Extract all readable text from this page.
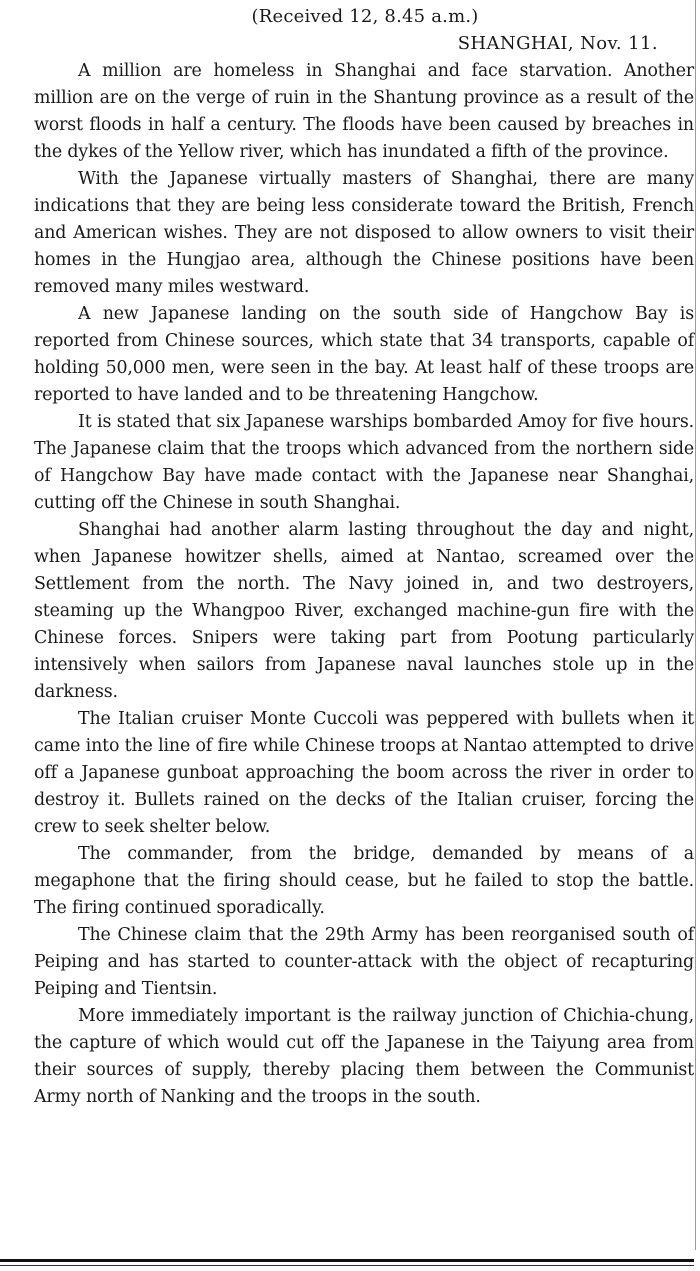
(Received 12, 8.45 a.m.)
SHANGHAI, Nov. 11.

A million are homeless in Shanghai and face starvation. Another million are on the verge of ruin in the Shantung province as a result of the worst floods in half a century. The floods have been caused by breaches in the dykes of the Yellow river, which has inundated a fifth of the province.

With the Japanese virtually masters of Shanghai, there are many indications that they are being less considerate toward the British, French and American wishes. They are not disposed to allow owners to visit their homes in the Hungjao area, although the Chinese positions have been removed many miles westward.

A new Japanese landing on the south side of Hangchow Bay is reported from Chinese sources, which state that 34 transports, capable of holding 50,000 men, were seen in the bay. At least half of these troops are reported to have landed and to be threatening Hangchow.

It is stated that six Japanese warships bombarded Amoy for five hours. The Japanese claim that the troops which advanced from the northern side of Hangchow Bay have made contact with the Japanese near Shanghai, cutting off the Chinese in south Shanghai.

Shanghai had another alarm lasting throughout the day and night, when Japanese howitzer shells, aimed at Nantao, screamed over the Settlement from the north. The Navy joined in, and two destroyers, steaming up the Whangpoo River, exchanged machine-gun fire with the Chinese forces. Snipers were taking part from Pootung particularly intensively when sailors from Japanese naval launches stole up in the darkness.

The Italian cruiser Monte Cuccoli was peppered with bullets when it came into the line of fire while Chinese troops at Nantao attempted to drive off a Japanese gunboat approaching the boom across the river in order to destroy it. Bullets rained on the decks of the Italian cruiser, forcing the crew to seek shelter below.

The commander, from the bridge, demanded by means of a megaphone that the firing should cease, but he failed to stop the battle. The firing continued sporadically.

The Chinese claim that the 29th Army has been reorganised south of Peiping and has started to counter-attack with the object of recapturing Peiping and Tientsin.

More immediately important is the railway junction of Chichia-chung, the capture of which would cut off the Japanese in the Taiyung area from their sources of supply, thereby placing them between the Communist Army north of Nanking and the troops in the south.
